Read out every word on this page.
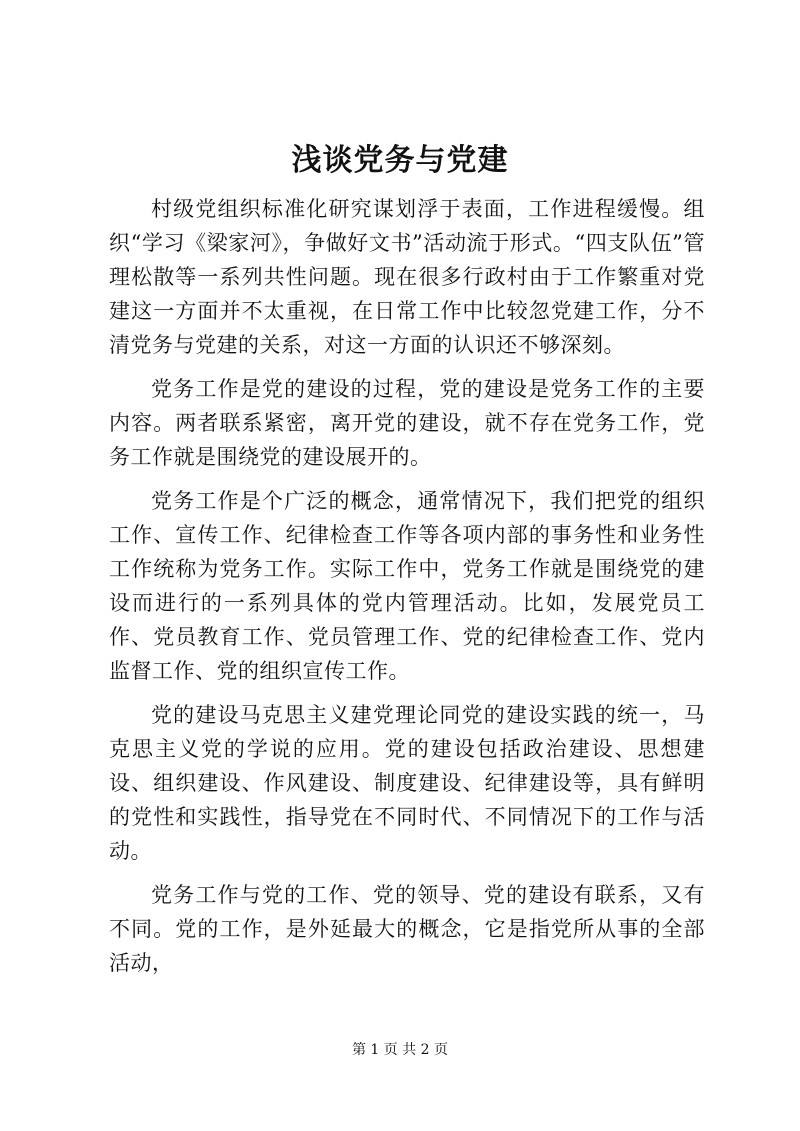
浅谈党务与党建

村级党组织标准化研究谋划浮于表面，工作进程缓慢。组织“学习《梁家河》，争做好文书”活动流于形式。“四支队伍”管理松散等一系列共性问题。现在很多行政村由于工作繁重对党建这一方面并不太重视，在日常工作中比较忽党建工作，分不清党务与党建的关系，对这一方面的认识还不够深刻。

党务工作是党的建设的过程，党的建设是党务工作的主要内容。两者联系紧密，离开党的建设，就不存在党务工作，党务工作就是围绕党的建设展开的。

党务工作是个广泛的概念，通常情况下，我们把党的组织工作、宣传工作、纪律检查工作等各项内部的事务性和业务性工作统称为党务工作。实际工作中，党务工作就是围绕党的建设而进行的一系列具体的党内管理活动。比如，发展党员工作、党员教育工作、党员管理工作、党的纪律检查工作、党内监督工作、党的组织宣传工作。

党的建设马克思主义建党理论同党的建设实践的统一，马克思主义党的学说的应用。党的建设包括政治建设、思想建设、组织建设、作风建设、制度建设、纪律建设等，具有鲜明的党性和实践性，指导党在不同时代、不同情况下的工作与活动。

党务工作与党的工作、党的领导、党的建设有联系，又有不同。党的工作，是外延最大的概念，它是指党所从事的全部活动，

第 1 页 共 2 页
